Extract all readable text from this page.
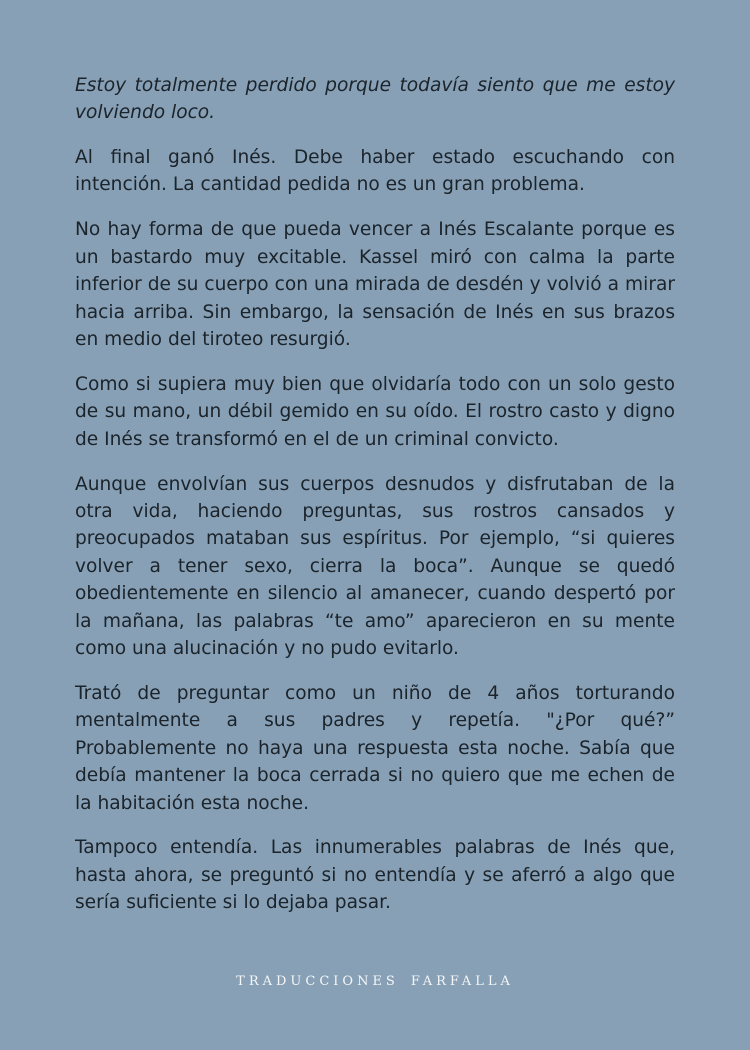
Estoy totalmente perdido porque todavía siento que me estoy volviendo loco.

Al final ganó Inés. Debe haber estado escuchando con intención. La cantidad pedida no es un gran problema.

No hay forma de que pueda vencer a Inés Escalante porque es un bastardo muy excitable. Kassel miró con calma la parte inferior de su cuerpo con una mirada de desdén y volvió a mirar hacia arriba. Sin embargo, la sensación de Inés en sus brazos en medio del tiroteo resurgió.

Como si supiera muy bien que olvidaría todo con un solo gesto de su mano, un débil gemido en su oído. El rostro casto y digno de Inés se transformó en el de un criminal convicto.

Aunque envolvían sus cuerpos desnudos y disfrutaban de la otra vida, haciendo preguntas, sus rostros cansados y preocupados mataban sus espíritus. Por ejemplo, “si quieres volver a tener sexo, cierra la boca”. Aunque se quedó obedientemente en silencio al amanecer, cuando despertó por la mañana, las palabras “te amo” aparecieron en su mente como una alucinación y no pudo evitarlo.

Trató de preguntar como un niño de 4 años torturando mentalmente a sus padres y repetía. "¿Por qué?” Probablemente no haya una respuesta esta noche. Sabía que debía mantener la boca cerrada si no quiero que me echen de la habitación esta noche.

Tampoco entendía. Las innumerables palabras de Inés que, hasta ahora, se preguntó si no entendía y se aferró a algo que sería suficiente si lo dejaba pasar.

TRADUCCIONES FARFALLA
